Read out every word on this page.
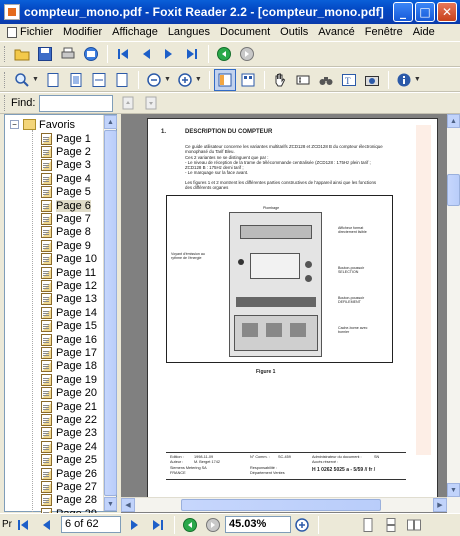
compteur_mono.pdf - Foxit Reader 2.2 - [compteur_mono.pdf]	_	□ ✕
Fichier Modifier Affichage Langues Document Outils Avancé Fenêtre Aide
▼	▼	▼	T	▼
Find:
− Favoris
Page 1
Page 2
Page 3
Page 4
Page 5
Page 6
Page 7
Page 8
Page 9
Page 10
Page 11
Page 12
Page 13
Page 14
Page 15
Page 16
Page 17
Page 18
Page 19
Page 20
Page 21
Page 22
Page 23
Page 24
Page 25
Page 26
Page 27
Page 28
▲
▼
1.	DESCRIPTION DU COMPTEUR
Ce guide utilisateur concerne les variantes multitarifs ZCD128 et ZCD128 B du compteur électronique
monophasé du Tarif Bleu.
Ces 2 variantes ne se distinguent que par :
- Le niveau de réception de la trame de télécommande centralisée (ZCD128 : 175Hz plein tarif ;
ZCD128 B : 175Hz demi tarif ;
- Le marquage sur la face avant.
Les figures 1 et 2 montrent les différentes parties constructives de l'appareil ainsi que les fonctions
des différents organes
Plombage
Afficheur format
directement lisible
Voyant d'émission au
rythme de l'énergie
Bouton-poussoir
SELECTION
Bouton-poussoir
DEFILEMENT
Cache-borne avec
bornier
Figure 1
Edition :	1998-11-09
Auteur :	M. Berget 1742
Siemens Metering SA
FRANCE
N° Comm. : SC-459
Responsabilité :
Département Ventes
Administrateur du document :	SN
Accès réservé :
H 1 0262 5025 a - 5/59 // fr /
▲
▼
◀	▶
Pr	6 of 62	45.03%
